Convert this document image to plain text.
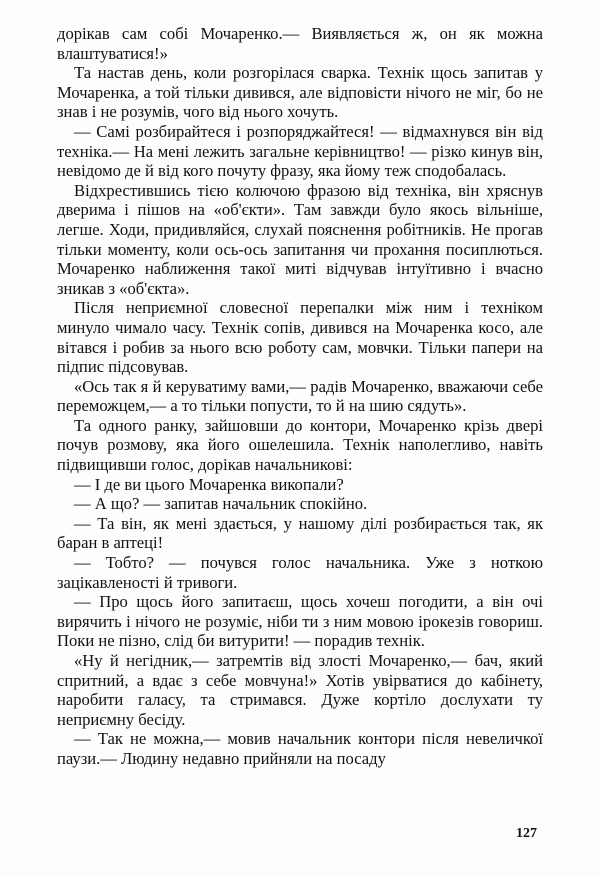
дорікав сам собі Мочаренко.— Виявляється ж, он як можна влаштуватися!»

Та настав день, коли розгорілася сварка. Технік щось запитав у Мочаренка, а той тільки дивився, але відповісти нічого не міг, бо не знав і не розумів, чого від нього хочуть.

— Самі розбирайтеся і розпоряджайтеся! — відмахнувся він від техніка.— На мені лежить загальне керівництво! — різко кинув він, невідомо де й від кого почуту фразу, яка йому теж сподобалась.

Відхрестившись тією колючою фразою від техніка, він хряснув дверима і пішов на «об'єкти». Там завжди було якось вільніше, легше. Ходи, придивляйся, слухай пояснення робітників. Не прогав тільки моменту, коли ось-ось запитання чи прохання посиплються. Мочаренко наближення такої миті відчував інтуїтивно і вчасно зникав з «об'єкта».

Після неприємної словесної перепалки між ним і техніком минуло чимало часу. Технік сопів, дивився на Мочаренка косо, але вітався і робив за нього всю роботу сам, мовчки. Тільки папери на підпис підсовував.

«Ось так я й керуватиму вами,— радів Мочаренко, вважаючи себе переможцем,— а то тільки попусти, то й на шию сядуть».

Та одного ранку, зайшовши до контори, Мочаренко крізь двері почув розмову, яка його ошелешила. Технік наполегливо, навіть підвищивши голос, дорікав начальникові:

— І де ви цього Мочаренка викопали?

— А що? — запитав начальник спокійно.

— Та він, як мені здається, у нашому ділі розбирається так, як баран в аптеці!

— Тобто? — почувся голос начальника. Уже з ноткою зацікавленості й тривоги.

— Про щось його запитаєш, щось хочеш погодити, а він очі вирячить і нічого не розуміє, ніби ти з ним мовою ірокезів говориш. Поки не пізно, слід би витурити! — порадив технік.

«Ну й негідник,— затремтів від злості Мочаренко,— бач, який спритний, а вдає з себе мовчуна!» Хотів увірватися до кабінету, наробити галасу, та стримався. Дуже кортіло дослухати ту неприємну бесіду.

— Так не можна,— мовив начальник контори після невеличкої паузи.— Людину недавно прийняли на посаду

127
